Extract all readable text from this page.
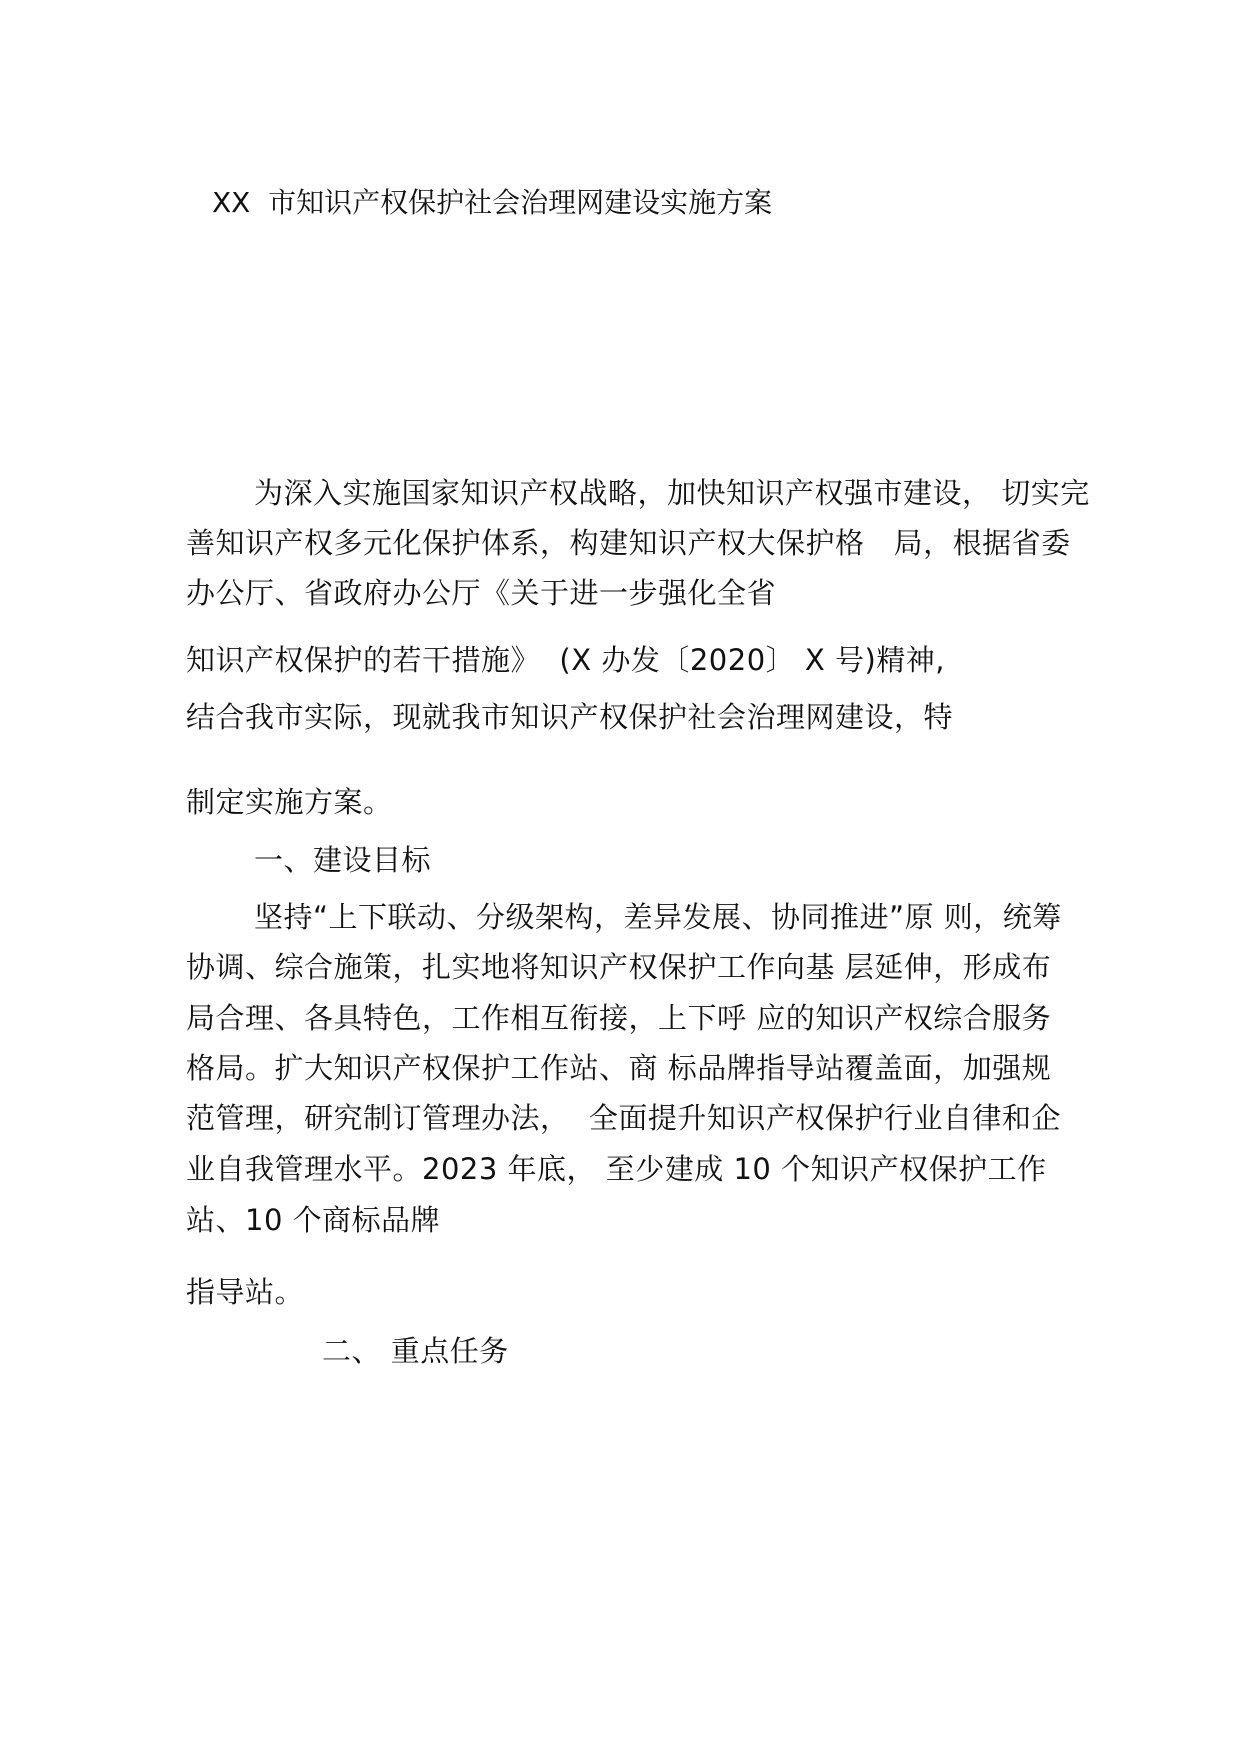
XX  市知识产权保护社会治理网建设实施方案
为深入实施国家知识产权战略，加快知识产权强市建设， 切实完
善知识产权多元化保护体系，构建知识产权大保护格   局，根据省委
办公厅、省政府办公厅《关于进一步强化全省
知识产权保护的若干措施》  (X 办发〔2020〕 X 号)精神,
结合我市实际，现就我市知识产权保护社会治理网建设，特
制定实施方案。
一、建设目标
坚持“上下联动、分级架构，差异发展、协同推进”原 则，统筹
协调、综合施策，扎实地将知识产权保护工作向基 层延伸，形成布
局合理、各具特色，工作相互衔接，上下呼 应的知识产权综合服务
格局。扩大知识产权保护工作站、商 标品牌指导站覆盖面，加强规
范管理，研究制订管理办法，  全面提升知识产权保护行业自律和企
业自我管理水平。2023 年底， 至少建成 10 个知识产权保护工作
站、10 个商标品牌
指导站。
二、 重点任务
